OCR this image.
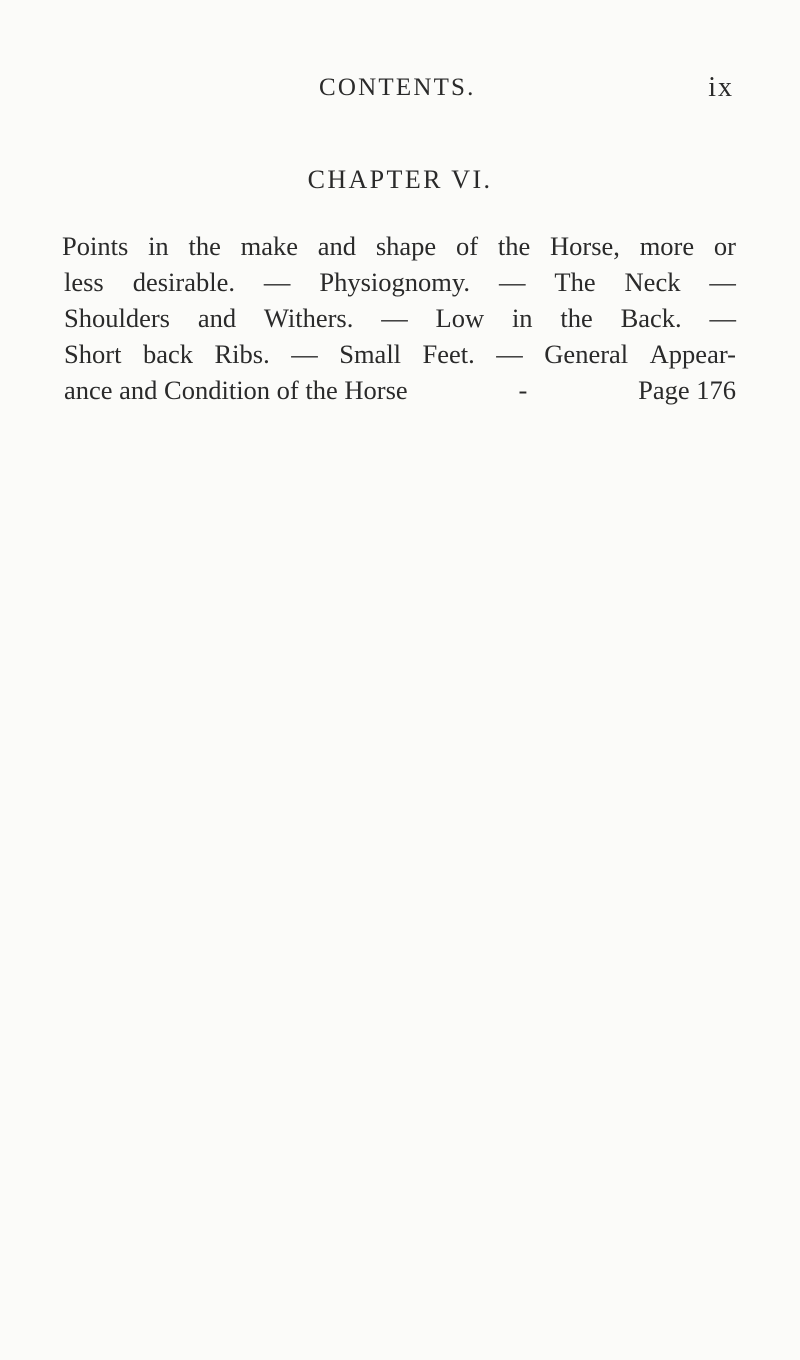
CONTENTS.	ix
CHAPTER VI.
Points in the make and shape of the Horse, more or
less desirable. — Physiognomy. — The Neck —
Shoulders and Withers. — Low in the Back. —
Short back Ribs. — Small Feet. — General Appear-
ance and Condition of the Horse	-	Page 176
